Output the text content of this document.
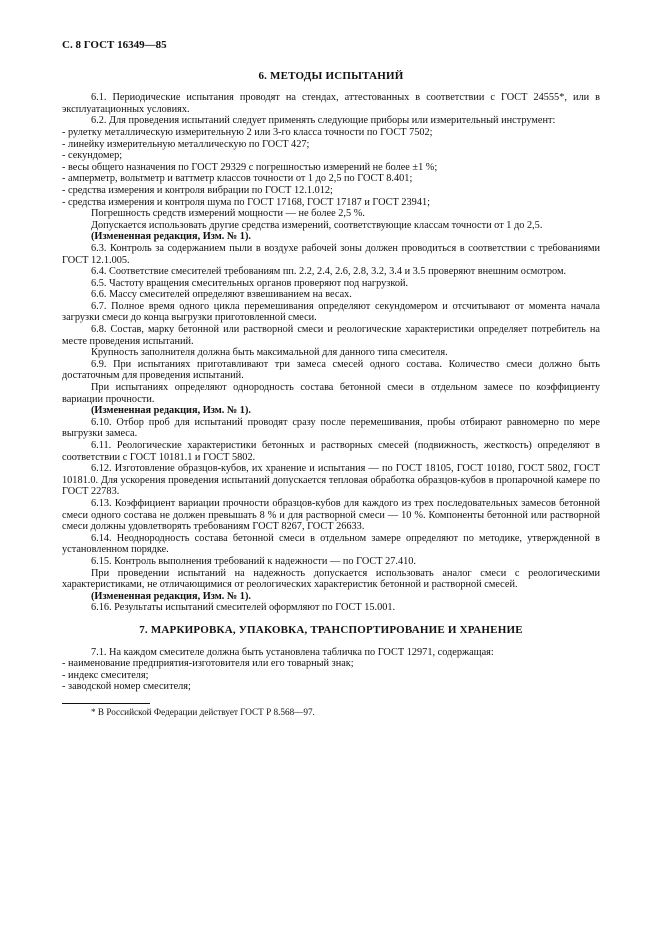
С. 8 ГОСТ 16349—85
6. МЕТОДЫ ИСПЫТАНИЙ

6.1. Периодические испытания проводят на стендах, аттестованных в соответствии с ГОСТ 24555*, или в эксплуатационных условиях.

6.2. Для проведения испытаний следует применять следующие приборы или измерительный инструмент:

- рулетку металлическую измерительную 2 или 3-го класса точности по ГОСТ 7502;

- линейку измерительную металлическую по ГОСТ 427;

- секундомер;

- весы общего назначения по ГОСТ 29329 с погрешностью измерений не более ±1 %;

- амперметр, вольтметр и ваттметр классов точности от 1 до 2,5 по ГОСТ 8.401;

- средства измерения и контроля вибрации по ГОСТ 12.1.012;

- средства измерения и контроля шума по ГОСТ 17168, ГОСТ 17187 и ГОСТ 23941;

Погрешность средств измерений мощности — не более 2,5 %.

Допускается использовать другие средства измерений, соответствующие классам точности от 1 до 2,5.

(Измененная редакция, Изм. № 1).

6.3. Контроль за содержанием пыли в воздухе рабочей зоны должен проводиться в соответствии с требованиями ГОСТ 12.1.005.

6.4. Соответствие смесителей требованиям пп. 2.2, 2.4, 2.6, 2.8, 3.2, 3.4 и 3.5 проверяют внешним осмотром.

6.5. Частоту вращения смесительных органов проверяют под нагрузкой.

6.6. Массу смесителей определяют взвешиванием на весах.

6.7. Полное время одного цикла перемешивания определяют секундомером и отсчитывают от момента начала загрузки смеси до конца выгрузки приготовленной смеси.

6.8. Состав, марку бетонной или растворной смеси и реологические характеристики определяет потребитель на месте проведения испытаний.

Крупность заполнителя должна быть максимальной для данного типа смесителя.

6.9. При испытаниях приготавливают три замеса смесей одного состава. Количество смеси должно быть достаточным для проведения испытаний.

При испытаниях определяют однородность состава бетонной смеси в отдельном замесе по коэффициенту вариации прочности.

(Измененная редакция, Изм. № 1).

6.10. Отбор проб для испытаний проводят сразу после перемешивания, пробы отбирают равномерно по мере выгрузки замеса.

6.11. Реологические характеристики бетонных и растворных смесей (подвижность, жесткость) определяют в соответствии с ГОСТ 10181.1 и ГОСТ 5802.

6.12. Изготовление образцов-кубов, их хранение и испытания — по ГОСТ 18105, ГОСТ 10180, ГОСТ 5802, ГОСТ 10181.0. Для ускорения проведения испытаний допускается тепловая обработка образцов-кубов в пропарочной камере по ГОСТ 22783.

6.13. Коэффициент вариации прочности образцов-кубов для каждого из трех последовательных замесов бетонной смеси одного состава не должен превышать 8 % и для растворной смеси — 10 %. Компоненты бетонной или растворной смеси должны удовлетворять требованиям ГОСТ 8267, ГОСТ 26633.

6.14. Неоднородность состава бетонной смеси в отдельном замере определяют по методике, утвержденной в установленном порядке.

6.15. Контроль выполнения требований к надежности — по ГОСТ 27.410.

При проведении испытаний на надежность допускается использовать аналог смеси с реологическими характеристиками, не отличающимися от реологических характеристик бетонной и растворной смесей.

(Измененная редакция, Изм. № 1).

6.16. Результаты испытаний смесителей оформляют по ГОСТ 15.001.

7. МАРКИРОВКА, УПАКОВКА, ТРАНСПОРТИРОВАНИЕ И ХРАНЕНИЕ

7.1. На каждом смесителе должна быть установлена табличка по ГОСТ 12971, содержащая:

- наименование предприятия-изготовителя или его товарный знак;

- индекс смесителя;

- заводской номер смесителя;

* В Российской Федерации действует ГОСТ Р 8.568—97.
